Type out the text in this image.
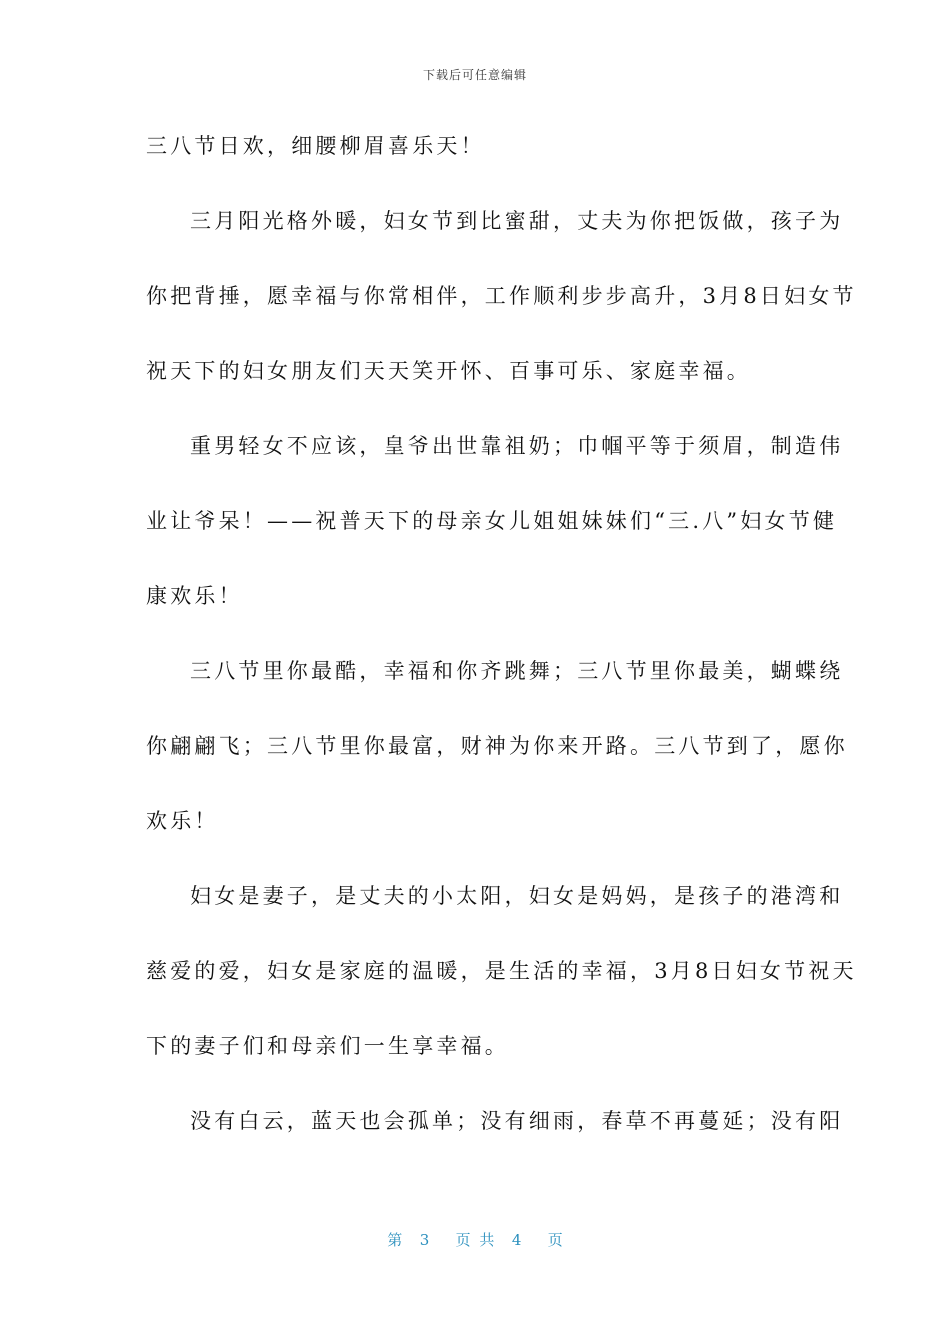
下载后可任意编辑
三八节日欢，细腰柳眉喜乐天！
三月阳光格外暖，妇女节到比蜜甜，丈夫为你把饭做，孩子为
你把背捶，愿幸福与你常相伴，工作顺利步步高升，3月8日妇女节
祝天下的妇女朋友们天天笑开怀、百事可乐、家庭幸福。
重男轻女不应该，皇爷出世靠祖奶；巾帼平等于须眉，制造伟
业让爷呆！——祝普天下的母亲女儿姐姐妹妹们“三.八”妇女节健
康欢乐！
三八节里你最酷，幸福和你齐跳舞；三八节里你最美，蝴蝶绕
你翩翩飞；三八节里你最富，财神为你来开路。三八节到了，愿你
欢乐！
妇女是妻子，是丈夫的小太阳，妇女是妈妈，是孩子的港湾和
慈爱的爱，妇女是家庭的温暖，是生活的幸福，3月8日妇女节祝天
下的妻子们和母亲们一生享幸福。
没有白云，蓝天也会孤单；没有细雨，春草不再蔓延；没有阳
第  3   页 共  4   页
